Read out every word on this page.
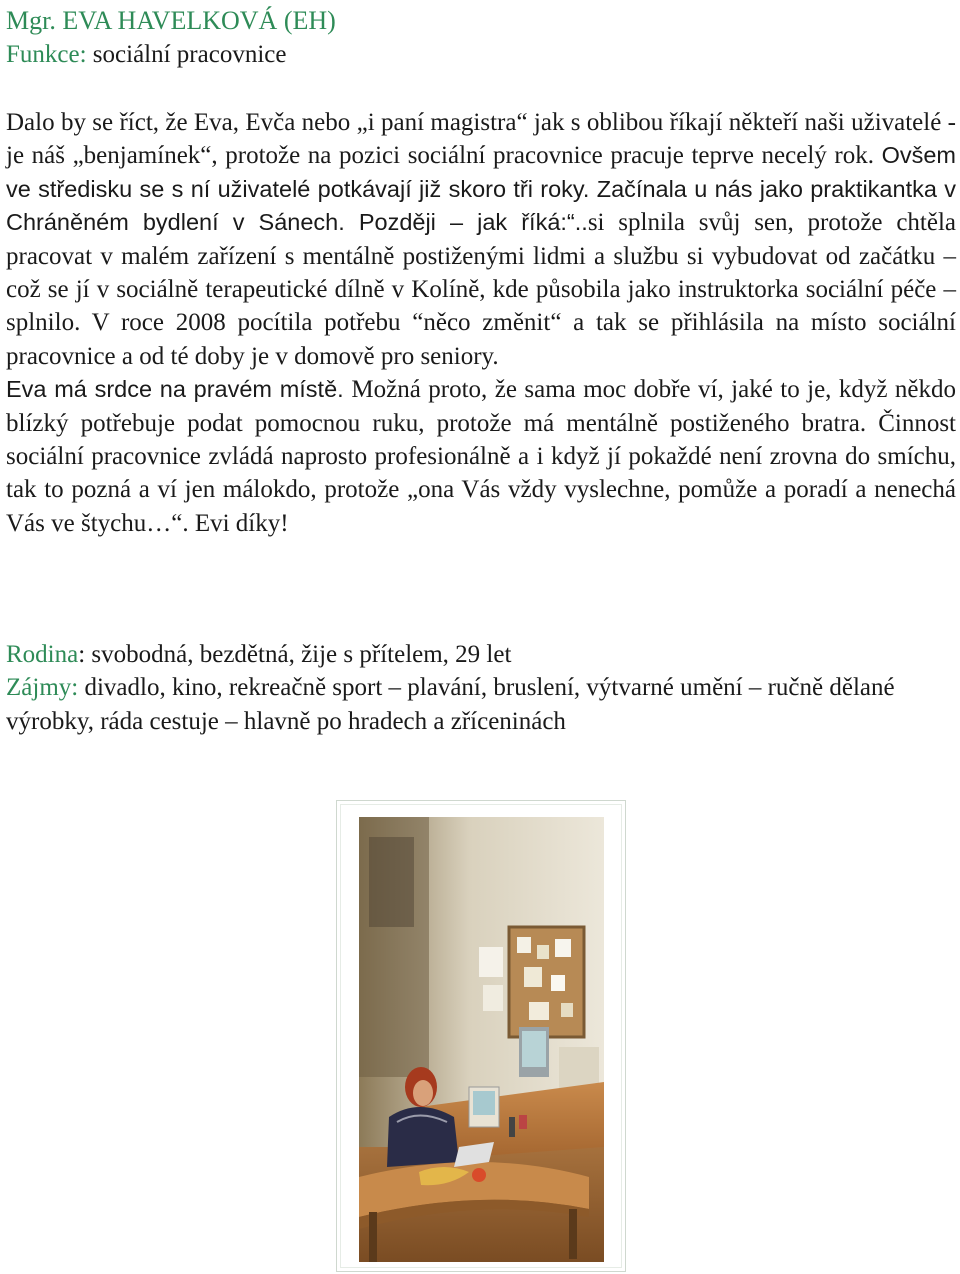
Mgr. EVA HAVELKOVÁ (EH)
Funkce: sociální pracovnice

Dalo by se říct, že Eva, Evča nebo „i paní magistra“ jak s oblibou říkají někteří naši uživatelé - je náš „benjamínek“, protože na pozici sociální pracovnice pracuje teprve necelý rok. Ovšem ve středisku se s ní uživatelé potkávají již skoro tři roky. Začínala u nás jako praktikantka v Chráněném bydlení v Sánech. Později – jak říká:“..si splnila svůj sen, protože chtěla pracovat v malém zařízení s mentálně postiženými lidmi a službu si vybudovat od začátku – což se jí v sociálně terapeutické dílně v Kolíně, kde působila jako instruktorka sociální péče – splnilo. V roce 2008 pocítila potřebu “něco změnit“ a tak se přihlásila na místo sociální pracovnice a od té doby je v domově pro seniory.

Eva má srdce na pravém místě. Možná proto, že sama moc dobře ví, jaké to je, když někdo blízký potřebuje podat pomocnou ruku, protože má mentálně postiženého bratra. Činnost sociální pracovnice zvládá naprosto profesionálně a i když jí pokaždé není zrovna do smíchu, tak to pozná a ví jen málokdo, protože „ona Vás vždy vyslechne, pomůže a poradí a nenechá Vás ve štychu…“. Evi díky!

Rodina: svobodná, bezdětná, žije s přítelem, 29 let

Zájmy: divadlo, kino, rekreačně sport – plavání, bruslení, výtvarné umění – ručně dělané výrobky, ráda cestuje – hlavně po hradech a zříceninách
